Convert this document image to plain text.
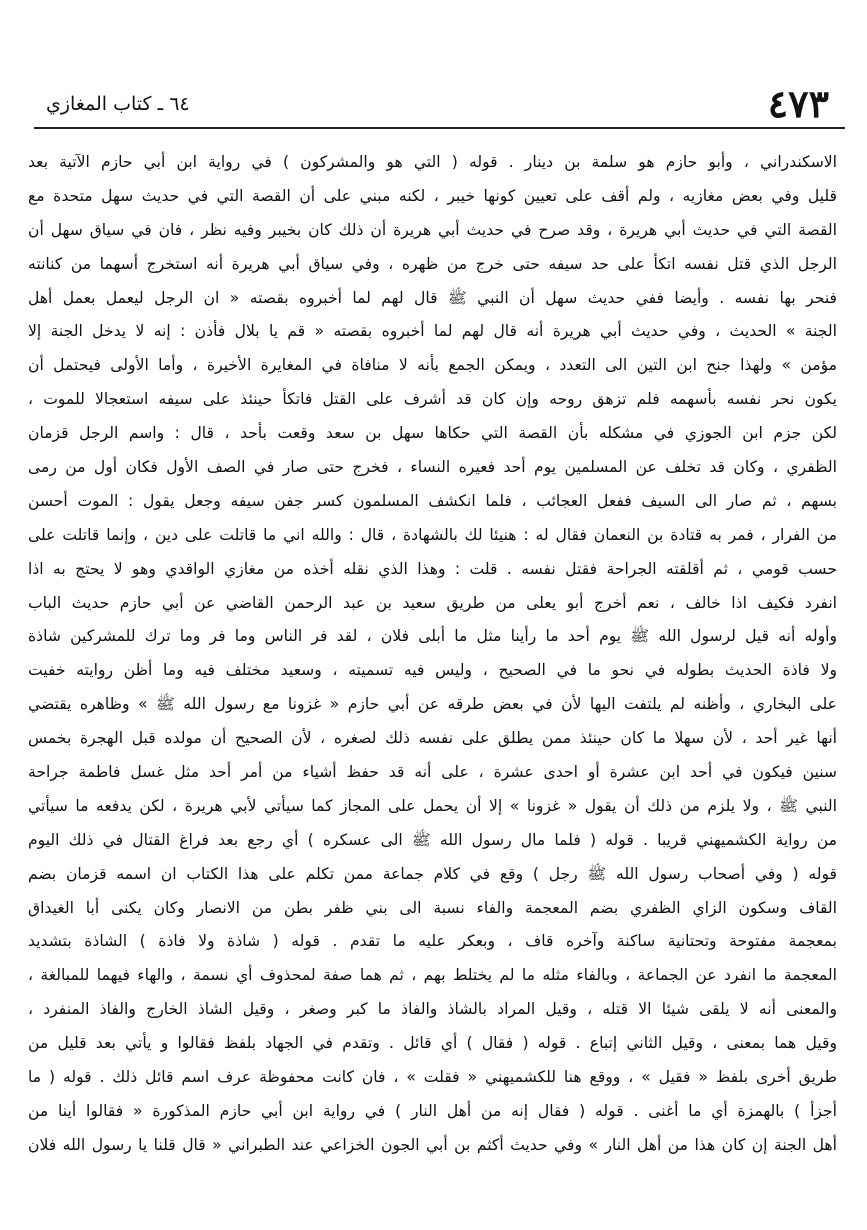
٤٧٣
٦٤ ـ كتاب المغازي
الاسكندراني ، وأبو حازم هو سلمة بن دينار . قوله ( التي هو والمشركون ) في رواية ابن أبي حازم الآتية بعد
قليل وفي بعض مغازيه ، ولم أقف على تعيين كونها خيبر ، لكنه مبني على أن القصة التي في حديث سهل متحدة مع
القصة التي في حديث أبي هريرة ، وقد صرح في حديث أبي هريرة أن ذلك كان بخيبر وفيه نظر ، فان في سياق سهل أن
الرجل الذي قتل نفسه اتكأ على حد سيفه حتى خرج من ظهره ، وفي سياق أبي هريرة أنه استخرج أسهما من كنانته
فنحر بها نفسه . وأيضا ففي حديث سهل أن النبي ﷺ قال لهم لما أخبروه بقصته « ان الرجل ليعمل بعمل أهل
الجنة » الحديث ، وفي حديث أبي هريرة أنه قال لهم لما أخبروه بقصته « قم يا بلال فأذن : إنه لا يدخل الجنة إلا
مؤمن » ولهذا جنح ابن التين الى التعدد ، ويمكن الجمع بأنه لا منافاة في المغايرة الأخيرة ، وأما الأولى فيحتمل أن
يكون نحر نفسه بأسهمه فلم تزهق روحه وإن كان قد أشرف على القتل فاتكأ حينئذ على سيفه استعجالا للموت ،
لكن جزم ابن الجوزي في مشكله بأن القصة التي حكاها سهل بن سعد وقعت بأحد ، قال : واسم الرجل قزمان
الظفري ، وكان قد تخلف عن المسلمين يوم أحد فعيره النساء ، فخرج حتى صار في الصف الأول فكان أول من رمى
بسهم ، ثم صار الى السيف ففعل العجائب ، فلما انكشف المسلمون كسر جفن سيفه وجعل يقول : الموت أحسن
من الفرار ، فمر به قتادة بن النعمان فقال له : هنيئا لك بالشهادة ، قال : والله اني ما قاتلت على دين ، وإنما قاتلت على
حسب قومي ، ثم أقلقته الجراحة فقتل نفسه . قلت : وهذا الذي نقله أخذه من مغازي الواقدي وهو لا يحتج به اذا
انفرد فكيف اذا خالف ، نعم أخرج أبو يعلى من طريق سعيد بن عبد الرحمن القاضي عن أبي حازم حديث الباب
وأوله أنه قيل لرسول الله ﷺ يوم أحد ما رأينا مثل ما أبلى فلان ، لقد فر الناس وما فر وما ترك للمشركين شاذة
ولا فاذة الحديث بطوله في نحو ما في الصحيح ، وليس فيه تسميته ، وسعيد مختلف فيه وما أظن روايته خفيت
على البخاري ، وأظنه لم يلتفت اليها لأن في بعض طرقه عن أبي حازم « غزونا مع رسول الله ﷺ » وظاهره يقتضي
أنها غير أحد ، لأن سهلا ما كان حينئذ ممن يطلق على نفسه ذلك لصغره ، لأن الصحيح أن مولده قبل الهجرة بخمس
سنين فيكون في أحد ابن عشرة أو احدى عشرة ، على أنه قد حفظ أشياء من أمر أحد مثل غسل فاطمة جراحة
النبي ﷺ ، ولا يلزم من ذلك أن يقول « غزونا » إلا أن يحمل على المجاز كما سيأتي لأبي هريرة ، لكن يدفعه ما سيأتي
من رواية الكشميهني قريبا . قوله ( فلما مال رسول الله ﷺ الى عسكره ) أي رجع بعد فراغ القتال في ذلك اليوم
قوله ( وفي أصحاب رسول الله ﷺ رجل ) وقع في كلام جماعة ممن تكلم على هذا الكتاب ان اسمه قزمان بضم
القاف وسكون الزاي الظفري بضم المعجمة والفاء نسبة الى بني ظفر بطن من الانصار وكان يكنى أبا الغيداق
بمعجمة مفتوحة وتحتانية ساكنة وآخره قاف ، وبعكر عليه ما تقدم . قوله ( شاذة ولا فاذة ) الشاذة بتشديد
المعجمة ما انفرد عن الجماعة ، وبالفاء مثله ما لم يختلط بهم ، ثم هما صفة لمحذوف أي نسمة ، والهاء فيهما للمبالغة ،
والمعنى أنه لا يلقى شيئا الا قتله ، وقيل المراد بالشاذ والفاذ ما كبر وصغر ، وقيل الشاذ الخارج والفاذ المنفرد ،
وقيل هما بمعنى ، وقيل الثاني إتباع . قوله ( فقال ) أي قائل . وتقدم في الجهاد بلفظ فقالوا و يأتي بعد قليل من
طريق أخرى بلفظ « فقيل » ، ووقع هنا للكشميهني « فقلت » ، فان كانت محفوظة عرف اسم قائل ذلك . قوله ( ما
أجزأ ) بالهمزة أي ما أغنى . قوله ( فقال إنه من أهل النار ) في رواية ابن أبي حازم المذكورة « فقالوا أينا من
أهل الجنة إن كان هذا من أهل النار » وفي حديث أكثم بن أبي الجون الخزاعي عند الطبراني « قال قلنا يا رسول الله فلان
